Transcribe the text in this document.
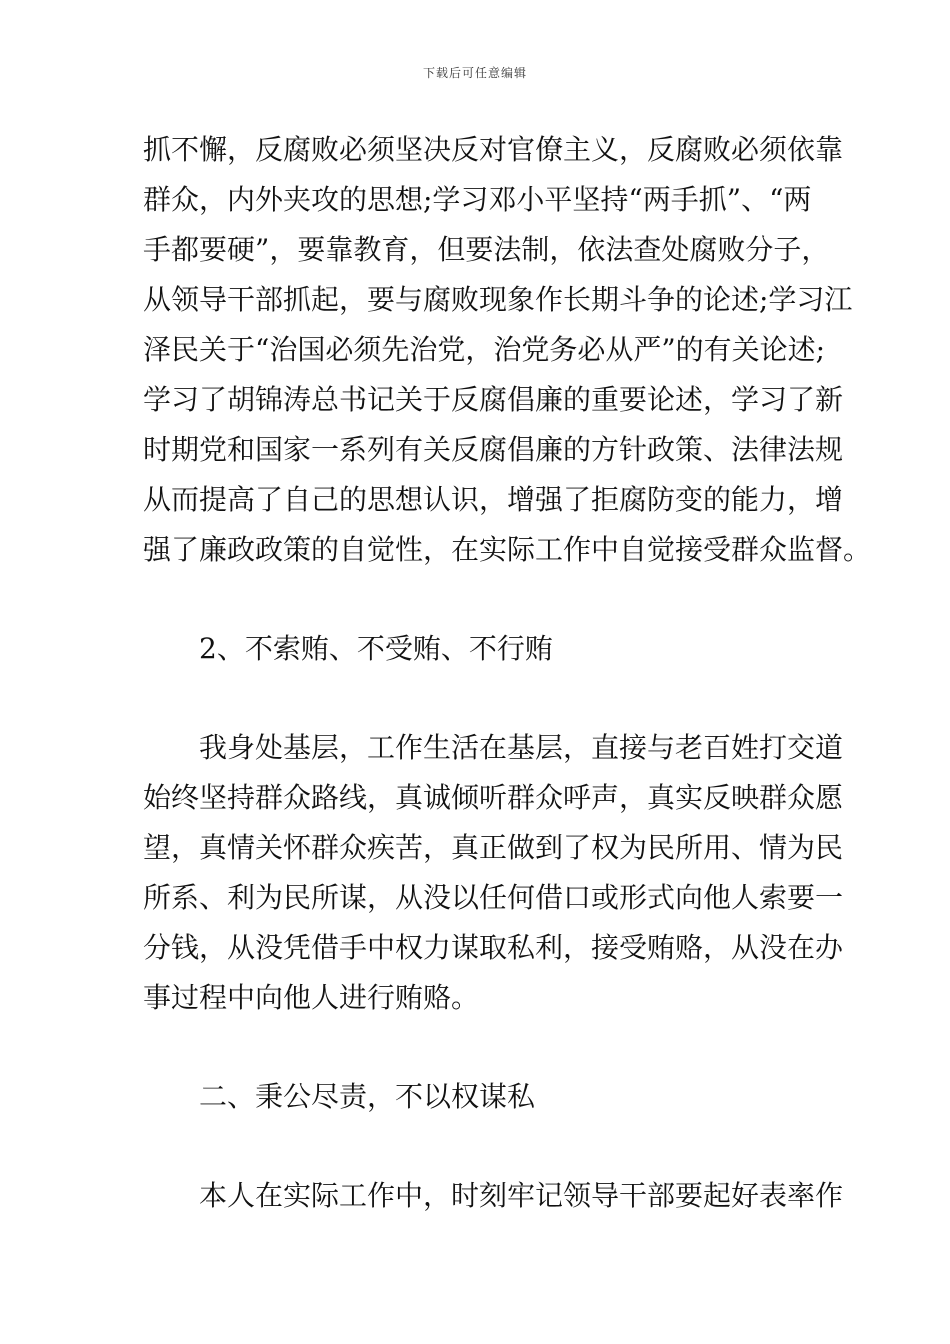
下载后可任意编辑
抓不懈，反腐败必须坚决反对官僚主义，反腐败必须依靠
群众，内外夹攻的思想;学习邓小平坚持“两手抓”、“两
手都要硬”，要靠教育，但要法制，依法查处腐败分子，
从领导干部抓起，要与腐败现象作长期斗争的论述;学习江
泽民关于“治国必须先治党，治党务必从严”的有关论述;
学习了胡锦涛总书记关于反腐倡廉的重要论述，学习了新
时期党和国家一系列有关反腐倡廉的方针政策、法律法规
从而提高了自己的思想认识，增强了拒腐防变的能力，增
强了廉政政策的自觉性，在实际工作中自觉接受群众监督。
2、不索贿、不受贿、不行贿
我身处基层，工作生活在基层，直接与老百姓打交道
始终坚持群众路线，真诚倾听群众呼声，真实反映群众愿
望，真情关怀群众疾苦，真正做到了权为民所用、情为民
所系、利为民所谋，从没以任何借口或形式向他人索要一
分钱，从没凭借手中权力谋取私利，接受贿赂，从没在办
事过程中向他人进行贿赂。
二、秉公尽责，不以权谋私
本人在实际工作中，时刻牢记领导干部要起好表率作
